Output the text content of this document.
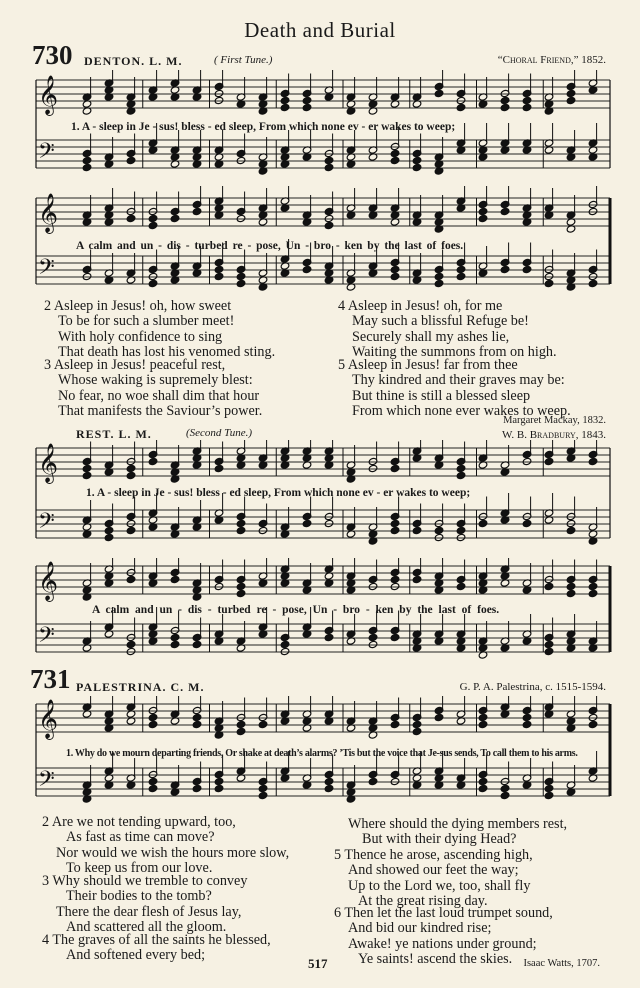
Death and Burial
730 DENTON. L. M.	( First Tune.)	“Choral Friend,” 1852.
𝄞
𝄢
1. A - sleep in Je - sus! bless - ed sleep, From which none ev - er wakes to weep;
𝄞
𝄢
A calm and un - dis - turbed re - pose, Un - bro - ken by the last of foes.
2 Asleep in Jesus! oh, how sweet
To be for such a slumber meet!
With holy confidence to sing
That death has lost his venomed sting.
3 Asleep in Jesus! peaceful rest,
Whose waking is supremely blest:
No fear, no woe shall dim that hour
That manifests the Saviour’s power.
4 Asleep in Jesus! oh, for me
May such a blissful Refuge be!
Securely shall my ashes lie,
Waiting the summons from on high.
5 Asleep in Jesus! far from thee
Thy kindred and their graves may be:
But thine is still a blessed sleep
From which none ever wakes to weep.
Margaret Mackay, 1832.
REST. L. M.	(Second Tune.)	W. B. Bradbury, 1843.
𝄞
𝄢
1. A - sleep in Je - sus! bless - ed sleep, From which none ev - er wakes to weep;
𝄞
𝄢
A calm and un - dis - turbed re - pose, Un - bro - ken by the last of foes.
731 PALESTRINA. C. M.	G. P. A. Palestrina, c. 1515-1594.
𝄞
𝄢
1. Why do we mourn departing friends, Or shake at death’s alarms? ’Tis but the voice that Je-sus sends, To call them to his arms.
2 Are we not tending upward, too,
As fast as time can move?
Nor would we wish the hours more slow,
To keep us from our love.
3 Why should we tremble to convey
Their bodies to the tomb?
There the dear flesh of Jesus lay,
And scattered all the gloom.
4 The graves of all the saints he blessed,
And softened every bed;
Where should the dying members rest,
But with their dying Head?
5 Thence he arose, ascending high,
And showed our feet the way;
Up to the Lord we, too, shall fly
At the great rising day.
6 Then let the last loud trumpet sound,
And bid our kindred rise;
Awake! ye nations under ground;
Ye saints! ascend the skies.
517	Isaac Watts, 1707.
